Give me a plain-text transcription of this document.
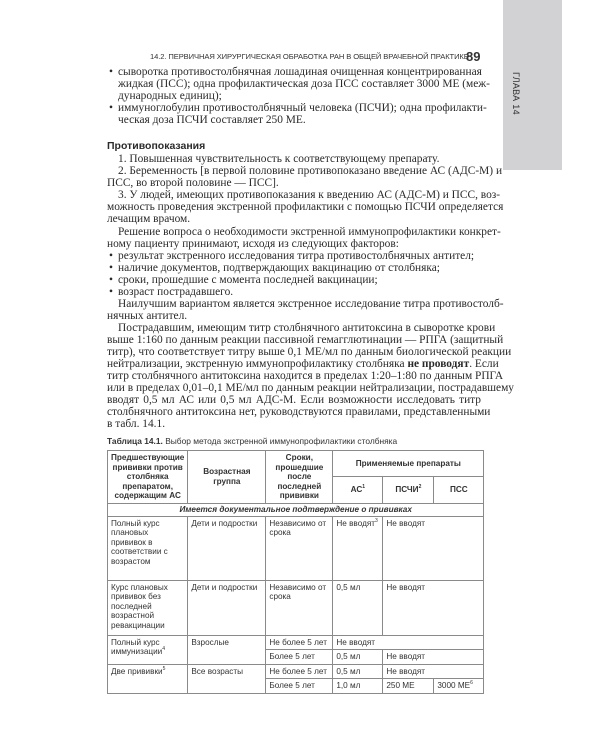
ГЛАВА 14
14.2. ПЕРВИЧНАЯ ХИРУРГИЧЕСКАЯ ОБРАБОТКА РАН В ОБЩЕЙ ВРАЧЕБНОЙ ПРАКТИКЕ
89
• сыворотка противостолбнячная лошадиная очищенная концентрированная
жидкая (ПСС); одна профилактическая доза ПСС составляет 3000 МЕ (меж-
дународных единиц);
• иммуноглобулин противостолбнячный человека (ПСЧИ); одна профилакти-
ческая доза ПСЧИ составляет 250 МЕ.
Противопоказания
1. Повышенная чувствительность к соответствующему препарату.
2. Беременность [в первой половине противопоказано введение АС (АДС-М) и
ПСС, во второй половине — ПСС].
3. У людей, имеющих противопоказания к введению АС (АДС-М) и ПСС, воз-
можность проведения экстренной профилактики с помощью ПСЧИ определяется
лечащим врачом.
Решение вопроса о необходимости экстренной иммунопрофилактики конкрет-
ному пациенту принимают, исходя из следующих факторов:
• результат экстренного исследования титра противостолбнячных антител;
• наличие документов, подтверждающих вакцинацию от столбняка;
• сроки, прошедшие с момента последней вакцинации;
• возраст пострадавшего.
Наилучшим вариантом является экстренное исследование титра противостолб-
нячных антител.
Пострадавшим, имеющим титр столбнячного антитоксина в сыворотке крови
выше 1:160 по данным реакции пассивной гемагглютинации — РПГА (защитный
титр), что соответствует титру выше 0,1 МЕ/мл по данным биологической реакции
нейтрализации, экстренную иммунопрофилактику столбняка не проводят. Если
титр столбнячного антитоксина находится в пределах 1:20–1:80 по данным РПГА
или в пределах 0,01–0,1 МЕ/мл по данным реакции нейтрализации, пострадавшему
вводят 0,5 мл АС или 0,5 мл АДС-М. Если возможности исследовать титр
столбнячного антитоксина нет, руководствуются правилами, представленными
в табл. 14.1.
Таблица 14.1. Выбор метода экстренной иммунопрофилактики столбняка
Предшествующие прививки против столбняка препаратом, содержащим АС	Возрастная группа	Сроки, прошедшие после последней прививки	Применяемые препараты		
			$АС^1$	ПСЧИ$^2$	ПСС
Имеется документальное подтверждение о прививках					
Полный курс плановых прививок в соответствии с возрастом	Дети и подростки	Независимо от срока	Не вводят$^3$	Не вводят	
Курс плановых прививок без последней возрастной ревакцинации	Дети и подростки	Независимо от срока	0,5 мл	Не вводят	
Полный курс иммунизации$^4$	Взрослые	Не более 5 лет	Не вводят		
		Более 5 лет	0,5 мл	Не вводят	
Две прививки$^5$	Все возрасты	Не более 5 лет	0,5 мл	Не вводят	
		Более 5 лет	1,0 мл	250 МЕ	3000 $МЕ^6$
